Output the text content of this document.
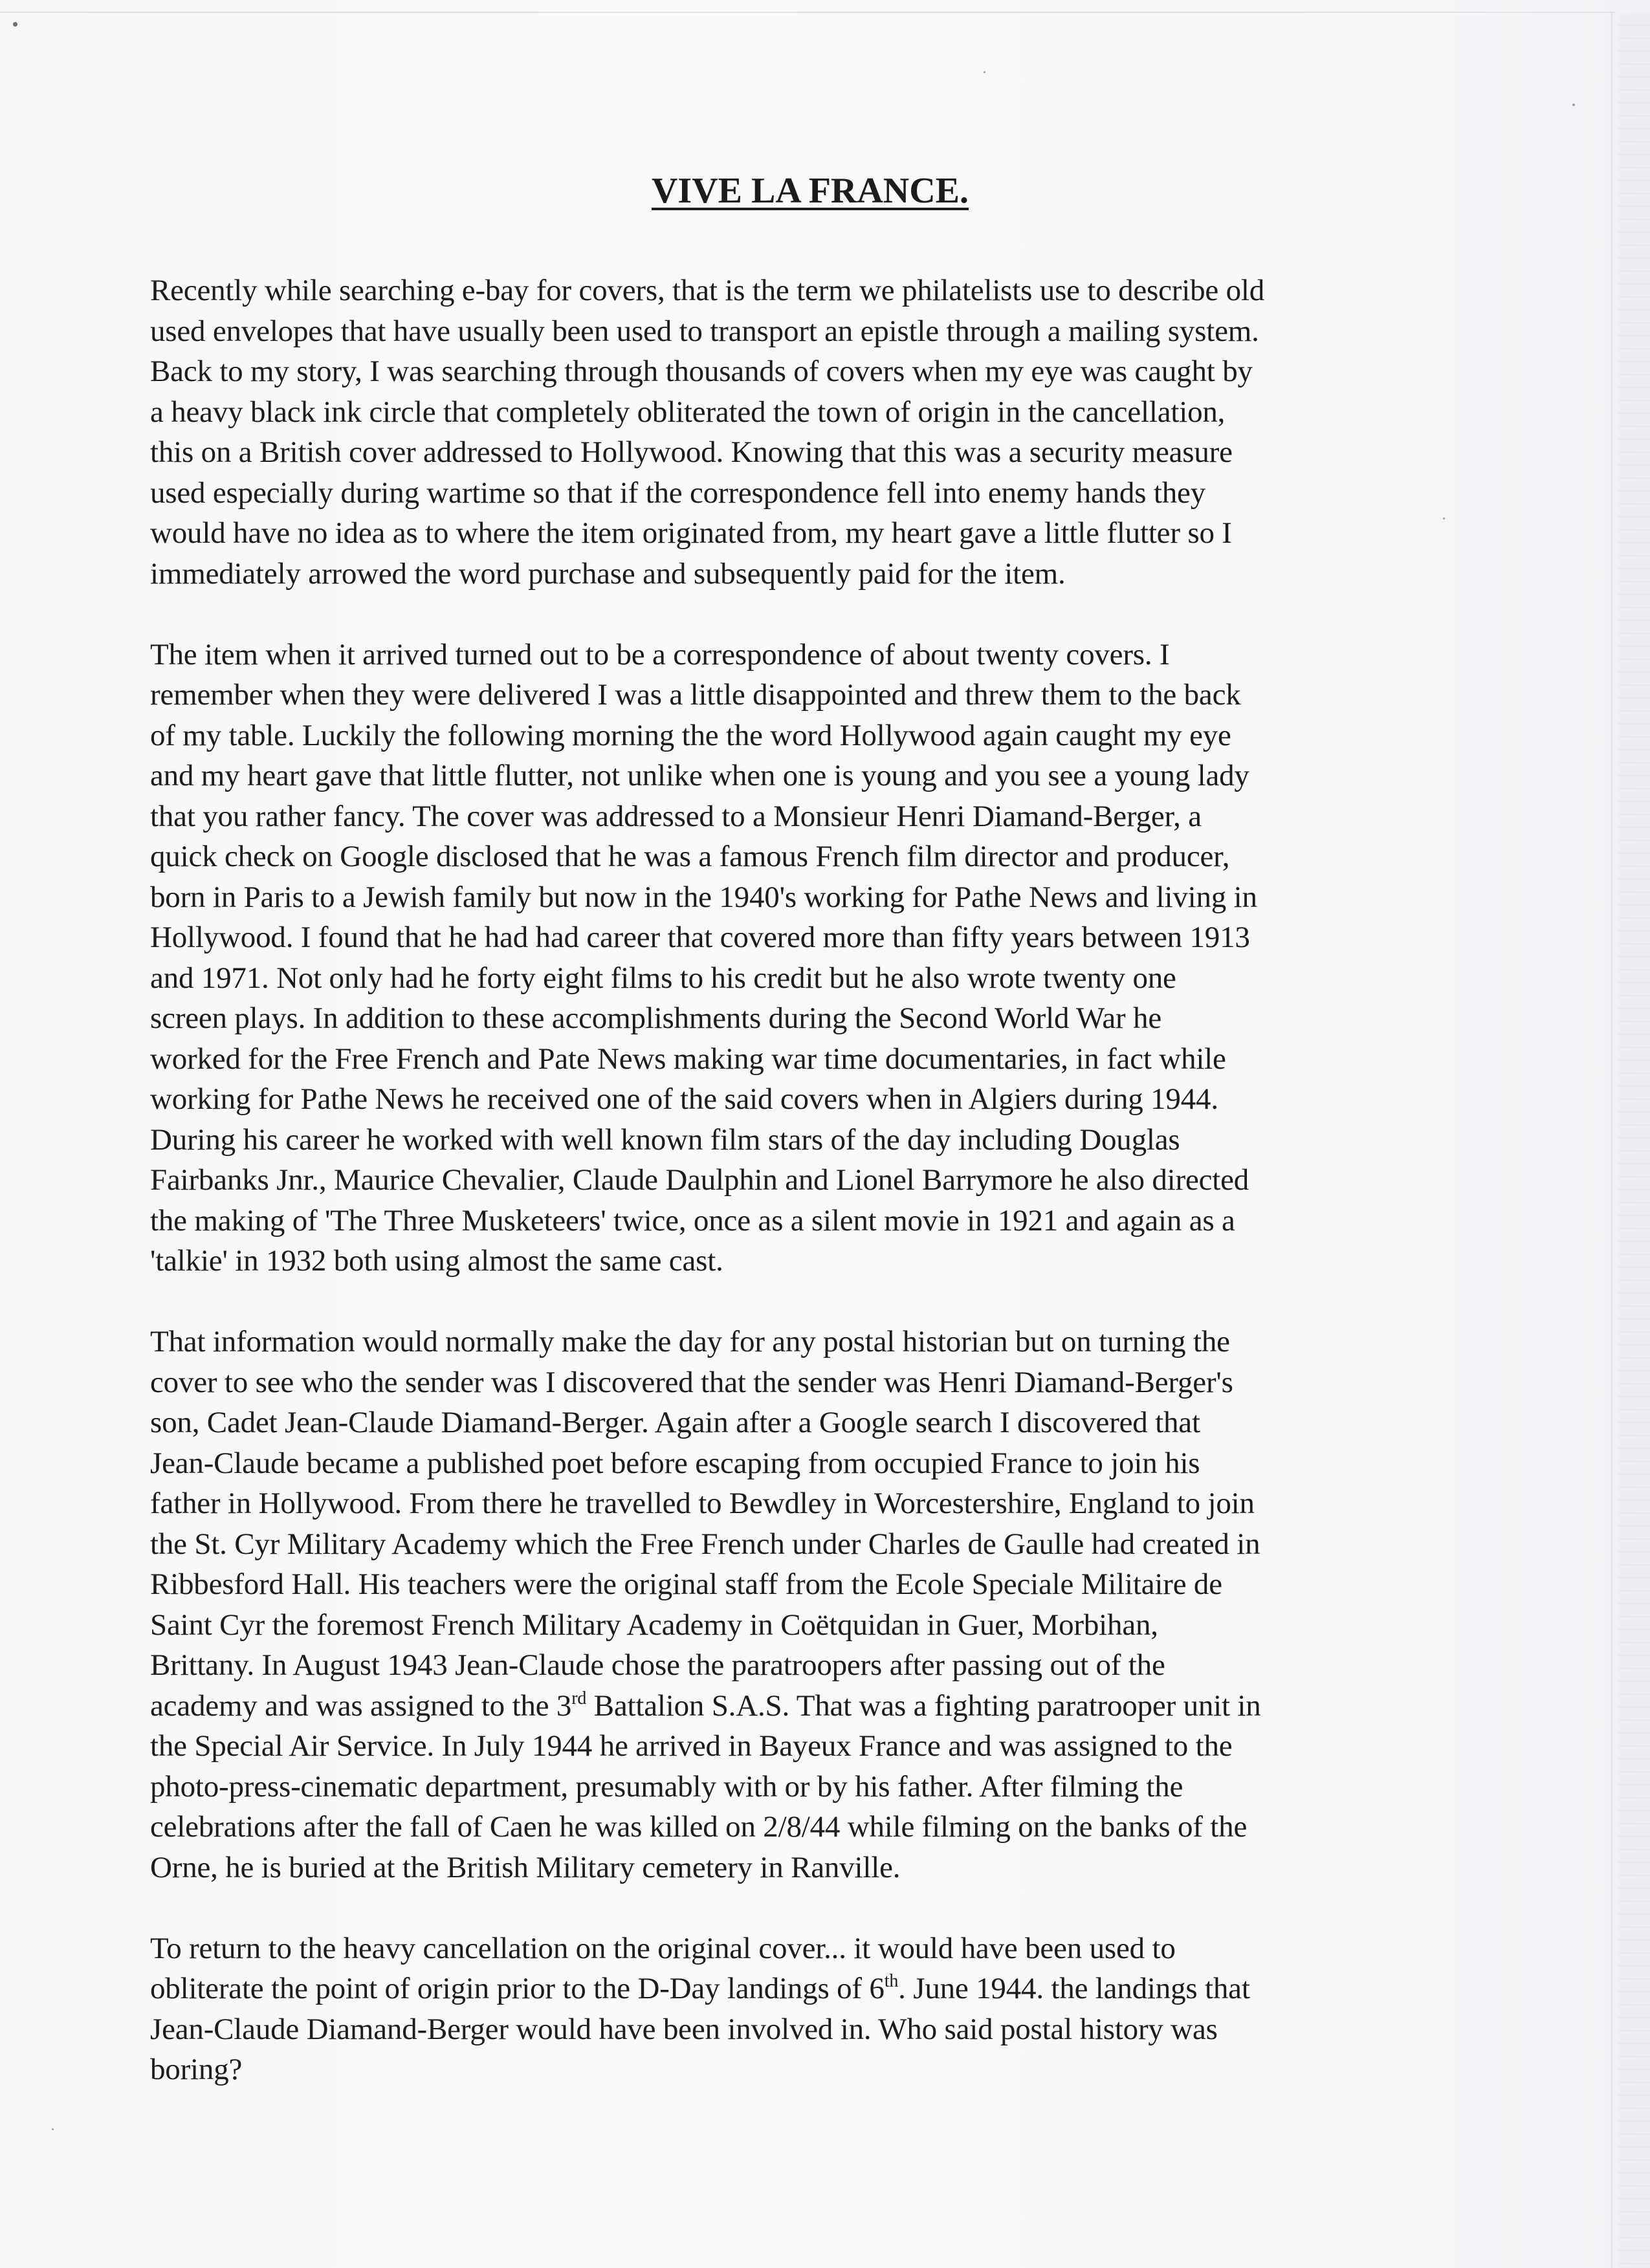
VIVE LA FRANCE.
Recently while searching e-bay for covers, that is the term we philatelists use to describe old
used envelopes that have usually been used to transport an epistle through a mailing system.
Back to my story, I was searching through thousands of covers when my eye was caught by
a heavy black ink circle that completely obliterated the town of origin in the cancellation,
this on a British cover addressed to Hollywood. Knowing that this was a security measure
used especially during wartime so that if the correspondence fell into enemy hands they
would have no idea as to where the item originated from, my heart gave a little flutter so I
immediately arrowed the word purchase and subsequently paid for the item.
The item when it arrived turned out to be a correspondence of about twenty covers. I
remember when they were delivered I was a little disappointed and threw them to the back
of my table. Luckily the following morning the the word Hollywood again caught my eye
and my heart gave that little flutter, not unlike when one is young and you see a young lady
that you rather fancy. The cover was addressed to a Monsieur Henri Diamand-Berger, a
quick check on Google disclosed that he was a famous French film director and producer,
born in Paris to a Jewish family but now in the 1940's working for Pathe News and living in
Hollywood. I found that he had had career that covered more than fifty years between 1913
and 1971. Not only had he forty eight films to his credit but he also wrote twenty one
screen plays. In addition to these accomplishments during the Second World War he
worked for the Free French and Pate News making war time documentaries, in fact while
working for Pathe News he received one of the said covers when in Algiers during 1944.
During his career he worked with well known film stars of the day including Douglas
Fairbanks Jnr., Maurice Chevalier, Claude Daulphin and Lionel Barrymore he also directed
the making of 'The Three Musketeers' twice, once as a silent movie in 1921 and again as a
'talkie' in 1932 both using almost the same cast.
That information would normally make the day for any postal historian but on turning the
cover to see who the sender was I discovered that the sender was Henri Diamand-Berger's
son, Cadet Jean-Claude Diamand-Berger. Again after a Google search I discovered that
Jean-Claude became a published poet before escaping from occupied France to join his
father in Hollywood. From there he travelled to Bewdley in Worcestershire, England to join
the St. Cyr Military Academy which the Free French under Charles de Gaulle had created in
Ribbesford Hall. His teachers were the original staff from the Ecole Speciale Militaire de
Saint Cyr the foremost French Military Academy in Coëtquidan in Guer, Morbihan,
Brittany. In August 1943 Jean-Claude chose the paratroopers after passing out of the
academy and was assigned to the 3rd Battalion S.A.S. That was a fighting paratrooper unit in
the Special Air Service. In July 1944 he arrived in Bayeux France and was assigned to the
photo-press-cinematic department, presumably with or by his father. After filming the
celebrations after the fall of Caen he was killed on 2/8/44 while filming on the banks of the
Orne, he is buried at the British Military cemetery in Ranville.
To return to the heavy cancellation on the original cover... it would have been used to
obliterate the point of origin prior to the D-Day landings of 6th. June 1944. the landings that
Jean-Claude Diamand-Berger would have been involved in. Who said postal history was
boring?
